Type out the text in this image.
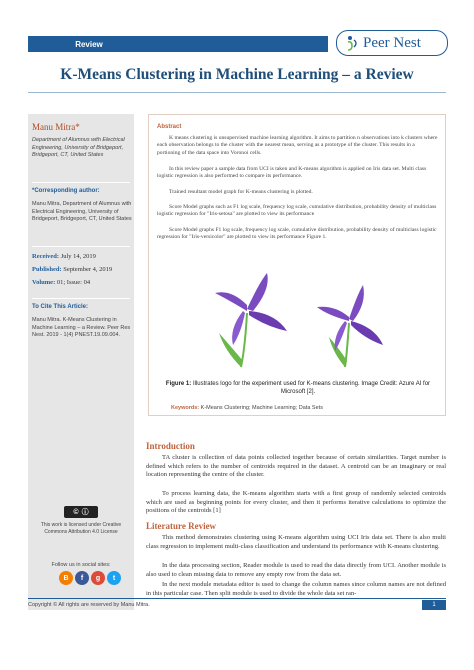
Review	Peer Nest
K-Means Clustering in Machine Learning – a Review
Manu Mitra*
Department of Alumnus with Electrical Engineering, University of Bridgeport, Bridgeport, CT, United States
*Corresponding author:
Manu Mitra, Department of Alumnus with Electrical Engineering, University of Bridgeport, Bridgeport, CT, United States
Received: July 14, 2019
Published: September 4, 2019
Volume: 01; Issue: 04
To Cite This Article:
Manu Mitra. K-Means Clustering in Machine Learning – a Review. Peer Res Nest. 2019 - 1(4) PNEST.19.09.004.
© ⓘ
This work is licensed under Creative Commons Attribution 4.0 License
Follow us in social sites:
B	f	g	t
Abstract
K means clustering is unsupervised machine learning algorithm. It aims to partition n observations into k clusters where each observation belongs to the cluster with the nearest mean, serving as a prototype of the cluster. This results in a portioning of the data space into Voronoi cells.
In this review paper a sample data from UCI is taken and K-means algorithm is applied on Iris data set. Multi class logistic regression is also performed to compare its performance.
Trained resultant model graph for K-means clustering is plotted.
Score Model graphs such as F1 log scale, frequency log scale, cumulative distribution, probability density of multiclass logistic regression for "Iris-setosa" are plotted to view its performance
Score Model graphs F1 log scale, frequency log scale, cumulative distribution, probability density of multiclass logistic regression for "Iris-versicolor" are plotted to view its performance Figure 1.
Figure 1: Illustrates logo for the experiment used for K-means clustering. Image Credit: Azure AI for Microsoft [2].
Keywords: K-Means Clustering; Machine Learning; Data Sets
Introduction
TA cluster is collection of data points collected together because of certain similarities. Target number is defined which refers to the number of centroids required in the dataset. A centroid can be an imaginary or real location representing the centre of the cluster.
To process learning data, the K-means algorithm starts with a first group of randomly selected centroids which are used as beginning points for every cluster, and then it performs iterative calculations to optimize the positions of the centroids [1]
Literature Review
This method demonstrates clustering using K-means algorithm using UCI Iris data set. There is also multi class regression to implement multi-class classification and understand its performance with K-means clustering.
In the data processing section, Reader module is used to read the data directly from UCI. Another module is also used to clean missing data to remove any empty row from the data set.
In the next module metadata editor is used to change the column names since column names are not defined in this particular case. Then split module is used to divide the whole data set ran-
Copyright © All rights are reserved by Manu Mitra.	1
